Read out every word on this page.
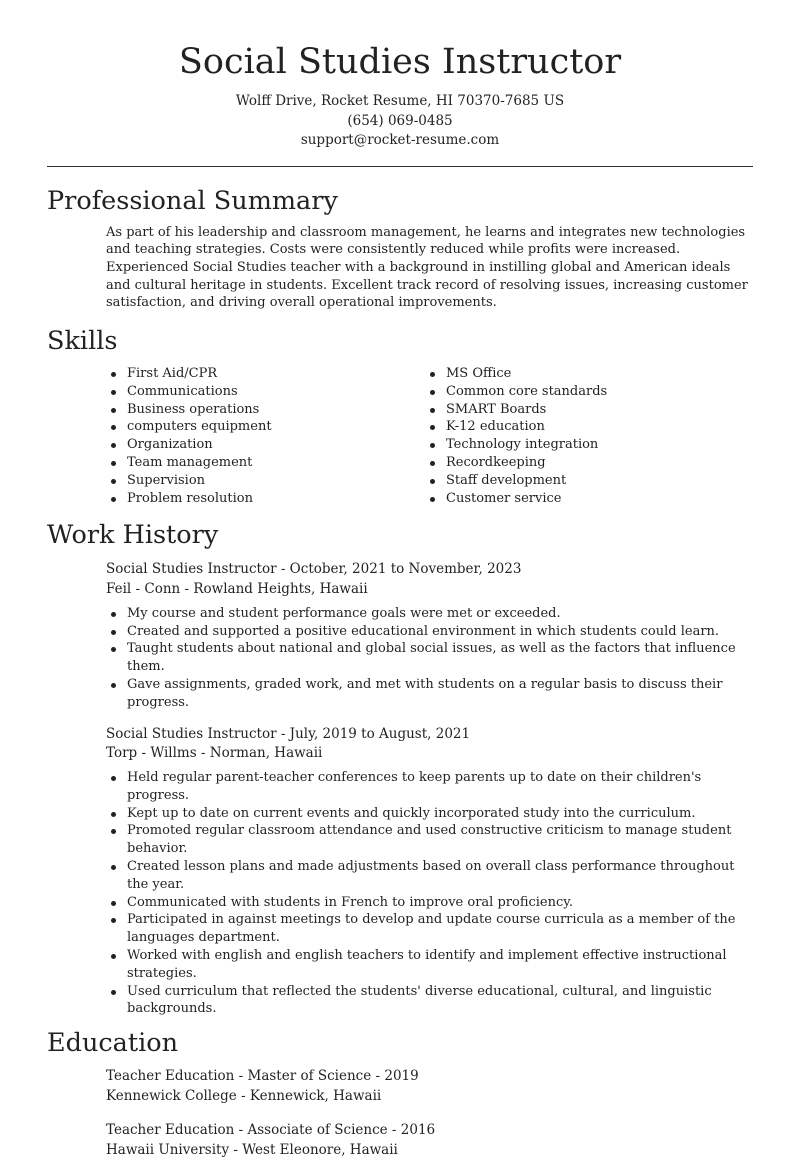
Social Studies Instructor
Wolff Drive, Rocket Resume, HI 70370-7685 US
(654) 069-0485
support@rocket-resume.com
Professional Summary

As part of his leadership and classroom management, he learns and integrates new technologies and teaching strategies. Costs were consistently reduced while profits were increased. Experienced Social Studies teacher with a background in instilling global and American ideals and cultural heritage in students. Excellent track record of resolving issues, increasing customer satisfaction, and driving overall operational improvements.

Skills
First Aid/CPR
Communications
Business operations
computers equipment
Organization
Team management
Supervision
Problem resolution
MS Office
Common core standards
SMART Boards
K-12 education
Technology integration
Recordkeeping
Staff development
Customer service
Work History
Social Studies Instructor - October, 2021 to November, 2023
Feil - Conn - Rowland Heights, Hawaii
My course and student performance goals were met or exceeded.
Created and supported a positive educational environment in which students could learn.
Taught students about national and global social issues, as well as the factors that influence them.
Gave assignments, graded work, and met with students on a regular basis to discuss their progress.
Social Studies Instructor - July, 2019 to August, 2021
Torp - Willms - Norman, Hawaii
Held regular parent-teacher conferences to keep parents up to date on their children's progress.
Kept up to date on current events and quickly incorporated study into the curriculum.
Promoted regular classroom attendance and used constructive criticism to manage student behavior.
Created lesson plans and made adjustments based on overall class performance throughout the year.
Communicated with students in French to improve oral proficiency.
Participated in against meetings to develop and update course curricula as a member of the languages department.
Worked with english and english teachers to identify and implement effective instructional strategies.
Used curriculum that reflected the students' diverse educational, cultural, and linguistic backgrounds.
Education
Teacher Education - Master of Science - 2019
Kennewick College - Kennewick, Hawaii
Teacher Education - Associate of Science - 2016
Hawaii University - West Eleonore, Hawaii
